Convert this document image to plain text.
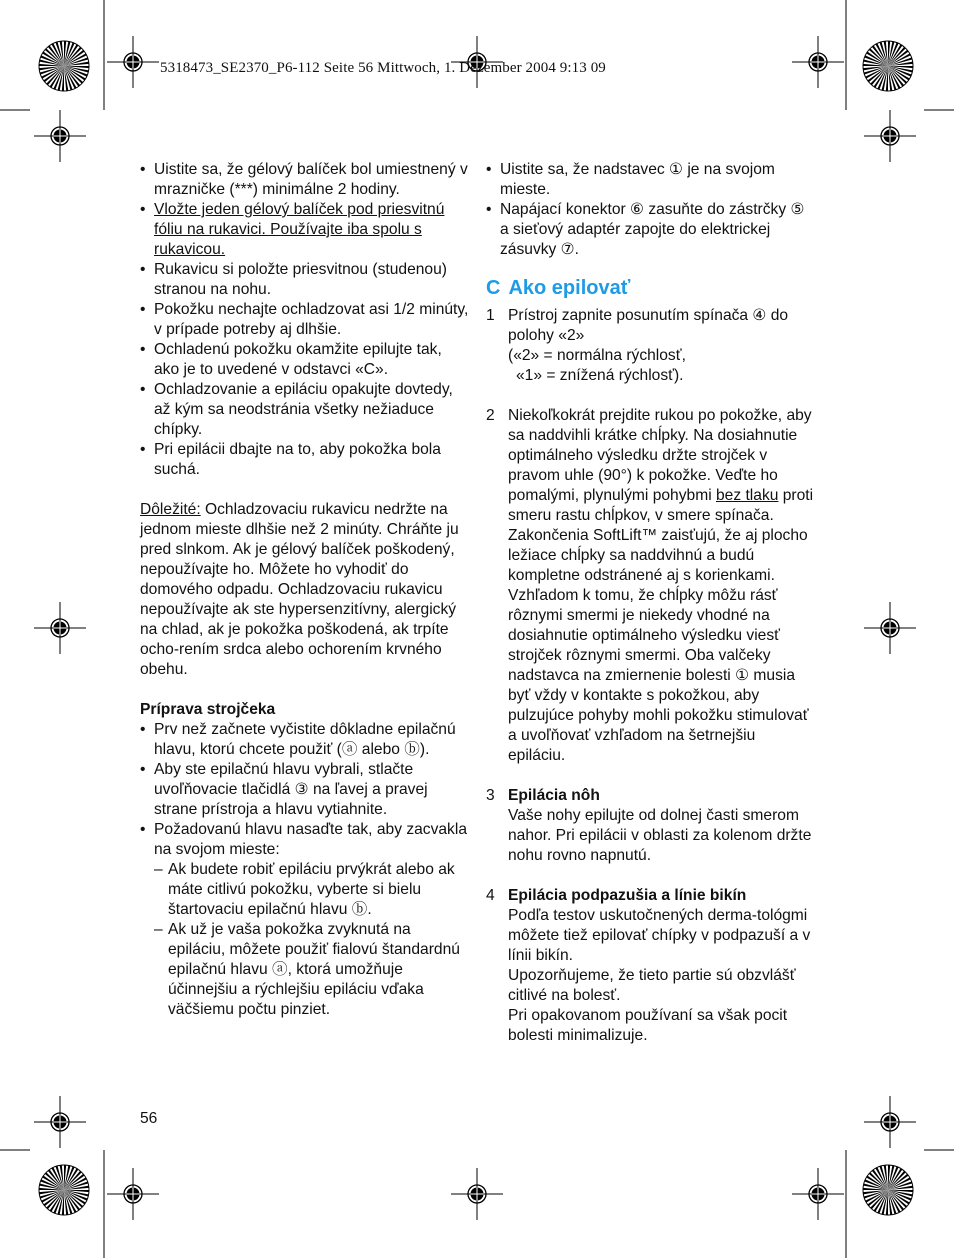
5318473_SE2370_P6-112 Seite 56 Mittwoch, 1. Dezember 2004 9:13 09
• Uistite sa, že gélový balíček bol umiestnený v mrazničke (***) minimálne 2 hodiny.
• Vložte jeden gélový balíček pod priesvitnú fóliu na rukavici. Používajte iba spolu s rukavicou.
• Rukavicu si položte priesvitnou (studenou) stranou na nohu.
• Pokožku nechajte ochladzovat asi 1/2 minúty, v prípade potreby aj dlhšie.
• Ochladenú pokožku okamžite epilujte tak, ako je to uvedené v odstavci «C».
• Ochladzovanie a epiláciu opakujte dovtedy, až kým sa neodstránia všetky nežiaduce chípky.
• Pri epilácii dbajte na to, aby pokožka bola suchá.

Dôležité: Ochladzovaciu rukavicu nedržte na jednom mieste dlhšie než 2 minúty. Chráňte ju pred slnkom. Ak je gélový balíček poškodený, nepoužívajte ho. Môžete ho vyhodiť do domového odpadu. Ochladzovaciu rukavicu nepoužívajte ak ste hypersenzitívny, alergický na chlad, ak je pokožka poškodená, ak trpíte ocho-rením srdca alebo ochorením krvného obehu.

Príprava strojčeka

• Prv než začnete vyčistite dôkladne epilačnú hlavu, ktorú chcete použiť (ⓐ alebo ⓑ).
• Aby ste epilačnú hlavu vybrali, stlačte uvoľňovacie tlačidlá ③ na ľavej a pravej strane prístroja a hlavu vytiahnite.
• Požadovanú hlavu nasaďte tak, aby zacvakla na svojom mieste:
– Ak budete robiť epiláciu prvýkrát alebo ak máte citlivú pokožku, vyberte si bielu štartovaciu epilačnú hlavu ⓑ.
– Ak už je vaša pokožka zvyknutá na epiláciu, môžete použiť fialovú štandardnú epilačnú hlavu ⓐ, ktorá umožňuje účinnejšiu a rýchlejšiu epiláciu vďaka väčšiemu počtu pinziet.
56
• Uistite sa, že nadstavec ① je na svojom mieste.
• Napájací konektor ⑥ zasuňte do zástrčky ⑤ a sieťový adaptér zapojte do elektrickej zásuvky ⑦.
C Ako epilovať
1 Prístroj zapnite posunutím spínača ④ do polohy «2»
(«2» = normálna rýchlosť,
«1» = znížená rýchlosť).
2 Niekoľkokrát prejdite rukou po pokožke, aby sa naddvihli krátke chĺpky. Na dosiahnutie optimálneho výsledku držte strojček v pravom uhle (90°) k pokožke. Veďte ho pomalými, plynulými pohybmi bez tlaku proti smeru rastu chĺpkov, v smere spínača. Zakončenia SoftLift™ zaisťujú, že aj plocho ležiace chĺpky sa naddvihnú a budú kompletne odstránené aj s korienkami.
Vzhľadom k tomu, že chĺpky môžu rásť rôznymi smermi je niekedy vhodné na dosiahnutie optimálneho výsledku viesť strojček rôznymi smermi. Oba valčeky nadstavca na zmiernenie bolesti ① musia byť vždy v kontakte s pokožkou, aby pulzujúce pohyby mohli pokožku stimulovať a uvoľňovať vzhľadom na šetrnejšiu epiláciu.
3 Epilácia nôh
Vaše nohy epilujte od dolnej časti smerom nahor. Pri epilácii v oblasti za kolenom držte nohu rovno napnutú.
4 Epilácia podpazušia a línie bikín
Podľa testov uskutočnených derma-tológmi môžete tiež epilovať chípky v podpazuší a v línii bikín.
Upozorňujeme, že tieto partie sú obzvlášť citlivé na bolesť.
Pri opakovanom používaní sa však pocit bolesti minimalizuje.
